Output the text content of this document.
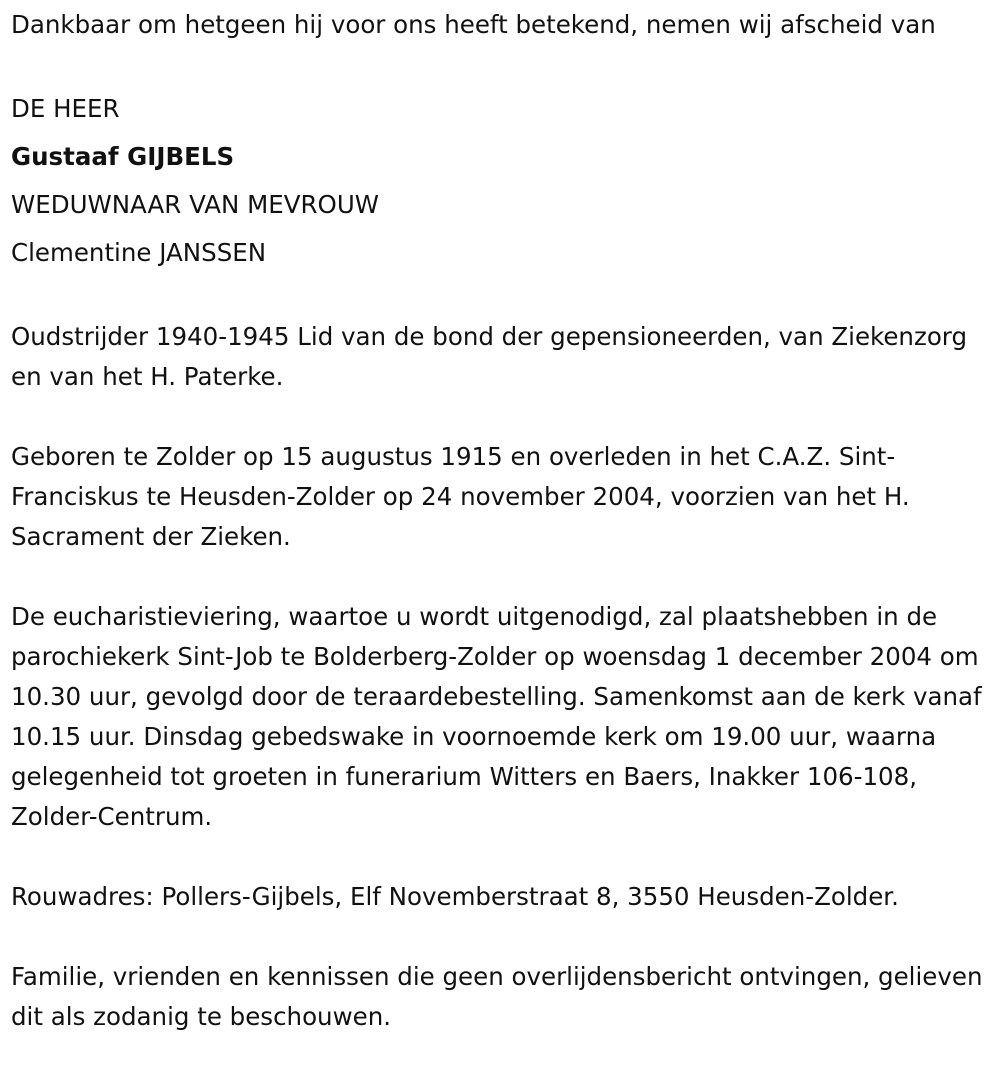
Dankbaar om hetgeen hij voor ons heeft betekend, nemen wij afscheid van

DE HEER

Gustaaf GIJBELS

WEDUWNAAR VAN MEVROUW

Clementine JANSSEN

Oudstrijder 1940-1945 Lid van de bond der gepensioneerden, van Ziekenzorg en van het H. Paterke.

Geboren te Zolder op 15 augustus 1915 en overleden in het C.A.Z. Sint-Franciskus te Heusden-Zolder op 24 november 2004, voorzien van het H. Sacrament der Zieken.

De eucharistieviering, waartoe u wordt uitgenodigd, zal plaatshebben in de parochiekerk Sint-Job te Bolderberg-Zolder op woensdag 1 december 2004 om 10.30 uur, gevolgd door de teraardebestelling. Samenkomst aan de kerk vanaf 10.15 uur. Dinsdag gebedswake in voornoemde kerk om 19.00 uur, waarna gelegenheid tot groeten in funerarium Witters en Baers, Inakker 106-108, Zolder-Centrum.

Rouwadres: Pollers-Gijbels, Elf Novemberstraat 8, 3550 Heusden-Zolder.

Familie, vrienden en kennissen die geen overlijdensbericht ontvingen, gelieven dit als zodanig te beschouwen.
